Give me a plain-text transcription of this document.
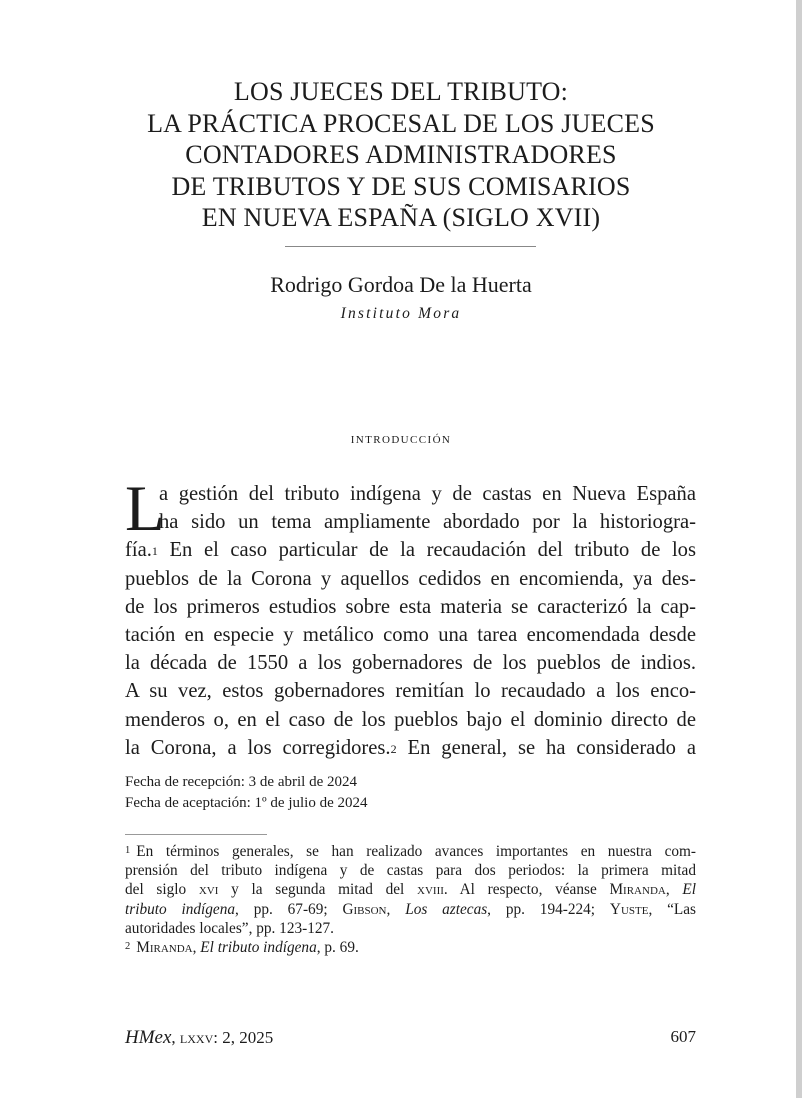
LOS JUECES DEL TRIBUTO:
LA PRÁCTICA PROCESAL DE LOS JUECES
CONTADORES ADMINISTRADORES
DE TRIBUTOS Y DE SUS COMISARIOS
EN NUEVA ESPAÑA (SIGLO XVII)
Rodrigo Gordoa De la Huerta
Instituto Mora
introducción
L
a gestión del tributo indígena y de castas en Nueva España
ha sido un tema ampliamente abordado por la historiogra-
fía.$^1$ En el caso particular de la recaudación del tributo de los
pueblos de la Corona y aquellos cedidos en encomienda, ya des-
de los primeros estudios sobre esta materia se caracterizó la cap-
tación en especie y metálico como una tarea encomendada desde
la década de 1550 a los gobernadores de los pueblos de indios.
A su vez, estos gobernadores remitían lo recaudado a los enco-
menderos o, en el caso de los pueblos bajo el dominio directo de
la Corona, a los corregidores.$^2$ En general, se ha considerado a
Fecha de recepción: 3 de abril de 2024
Fecha de aceptación: 1º de julio de 2024
$^1$ En términos generales, se han realizado avances importantes en nuestra com-
prensión del tributo indígena y de castas para dos periodos: la primera mitad
del siglo xvi y la segunda mitad del xviii. Al respecto, véanse Miranda, El
tributo indígena, pp. 67-69; Gibson, Los aztecas, pp. 194-224; Yuste, “Las
autoridades locales”, pp. 123-127.
$^2$ Miranda, El tributo indígena, p. 69.
HMex, lxxv: 2, 2025	607
